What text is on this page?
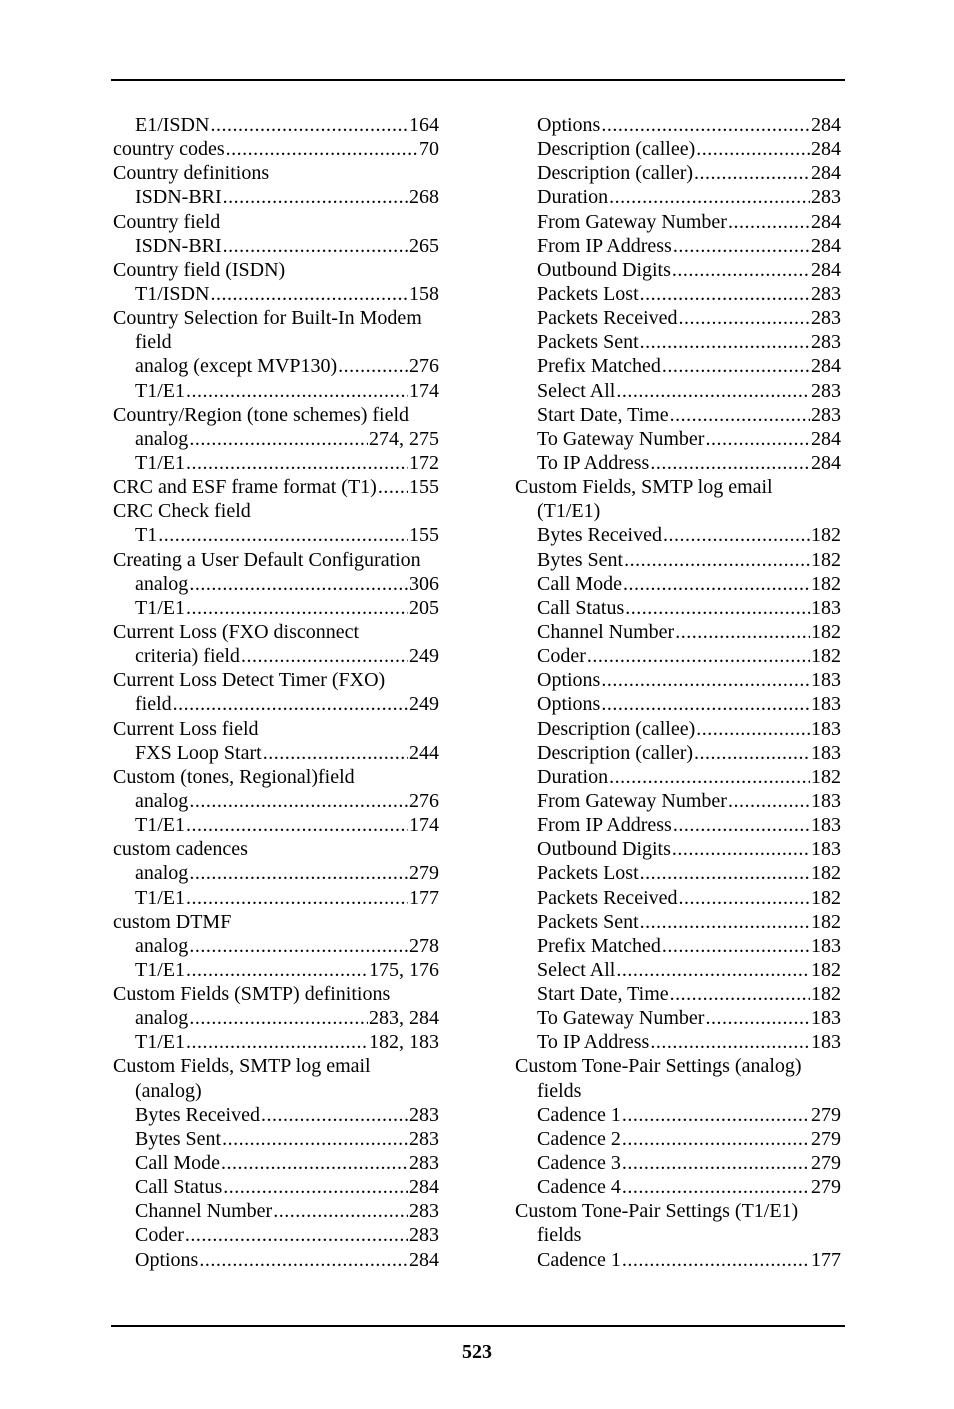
E1/ISDN .....	164
country codes .....	70
Country definitions
ISDN-BRI .....	268
Country field
ISDN-BRI .....	265
Country field (ISDN)
T1/ISDN .....	158
Country Selection for Built-In Modem
field
analog (except MVP130) .....	276
T1/E1 .....	174
Country/Region (tone schemes) field
analog .....	274, 275
T1/E1 .....	172
CRC and ESF frame format (T1) ..... 155
CRC Check field
T1 .....	155
Creating a User Default Configuration
analog .....	306
T1/E1 .....	205
Current Loss (FXO disconnect
criteria) field .....	249
Current Loss Detect Timer (FXO)
field .....	249
Current Loss field
FXS Loop Start .....	244
Custom (tones, Regional)field
analog .....	276
T1/E1 .....	174
custom cadences
analog .....	279
T1/E1 .....	177
custom DTMF
analog .....	278
T1/E1 .....	175, 176
Custom Fields (SMTP) definitions
analog .....	283, 284
T1/E1 .....	182, 183
Custom Fields, SMTP log email
(analog)
Bytes Received .....	283
Bytes Sent .....	283
Call Mode .....	283
Call Status .....	284
Channel Number .....	283
Coder .....	283
Options .....	284
Options .....	284
Description (callee) .....	284
Description (caller) .....	284
Duration .....	283
From Gateway Number .....	284
From IP Address .....	284
Outbound Digits .....	284
Packets Lost .....	283
Packets Received .....	283
Packets Sent .....	283
Prefix Matched .....	284
Select All .....	283
Start Date, Time .....	283
To Gateway Number .....	284
To IP Address .....	284
Custom Fields, SMTP log email
(T1/E1)
Bytes Received .....	182
Bytes Sent .....	182
Call Mode .....	182
Call Status .....	183
Channel Number .....	182
Coder .....	182
Options .....	183
Options .....	183
Description (callee) .....	183
Description (caller) .....	183
Duration .....	182
From Gateway Number .....	183
From IP Address .....	183
Outbound Digits .....	183
Packets Lost .....	182
Packets Received .....	182
Packets Sent .....	182
Prefix Matched .....	183
Select All .....	182
Start Date, Time .....	182
To Gateway Number .....	183
To IP Address .....	183
Custom Tone-Pair Settings (analog)
fields
Cadence 1 .....	279
Cadence 2 .....	279
Cadence 3 .....	279
Cadence 4 .....	279
Custom Tone-Pair Settings (T1/E1)
fields
Cadence 1 .....	177
523
